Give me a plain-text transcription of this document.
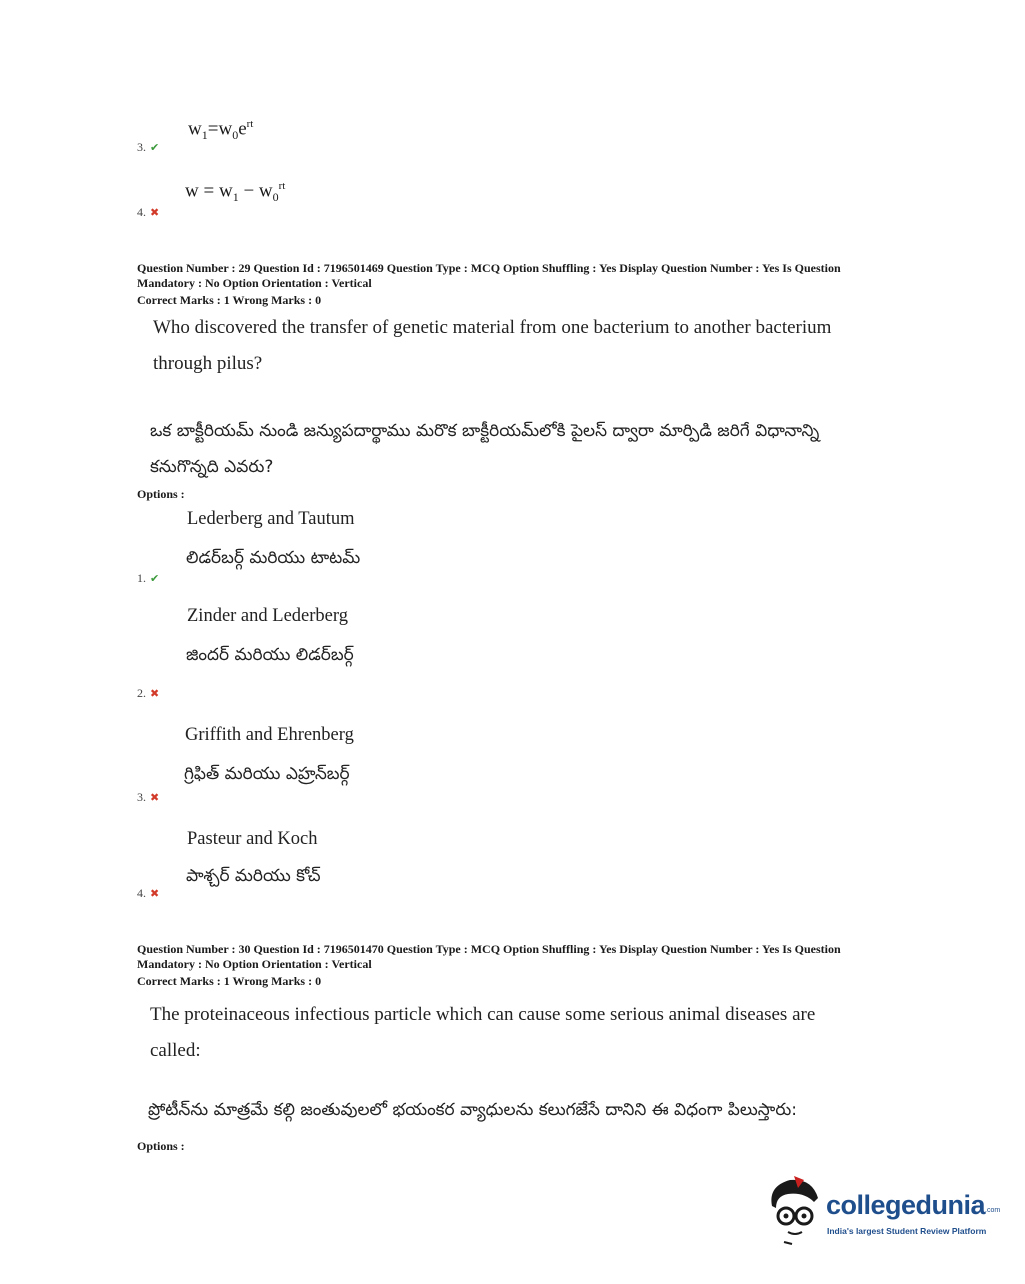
$w_1=w_0e^{rt}$
3. ✔
$w = w_1 - w_0^{rt}$
4. ✖
Question Number : 29 Question Id : 7196501469 Question Type : MCQ Option Shuffling : Yes Display Question Number : Yes Is Question
Mandatory : No Option Orientation : Vertical
Correct Marks : 1 Wrong Marks : 0
Who discovered the transfer of genetic material from one bacterium to another bacterium
through pilus?
ఒక బాక్టీరియమ్ నుండి జన్యుపదార్థాము మరొక బాక్టీరియమ్‌లోకి పైలస్ ద్వారా మార్పిడి జరిగే విధానాన్ని
కనుగొన్నది ఎవరు?
Options :
Lederberg and Tautum
లిడర్‌బర్గ్ మరియు టాటమ్
1. ✔
Zinder and Lederberg
జిందర్ మరియు లిడర్‌బర్గ్
2. ✖
Griffith and Ehrenberg
గ్రిఫిత్ మరియు ఎహ్రన్‌బర్గ్
3. ✖
Pasteur and Koch
పాశ్చర్ మరియు కోచ్
4. ✖
Question Number : 30 Question Id : 7196501470 Question Type : MCQ Option Shuffling : Yes Display Question Number : Yes Is Question
Mandatory : No Option Orientation : Vertical
Correct Marks : 1 Wrong Marks : 0
The proteinaceous infectious particle which can cause some serious animal diseases are
called:
ప్రోటీన్‌ను మాత్రమే కల్గి జంతువులలో భయంకర వ్యాధులను కలుగజేసే దానిని ఈ విధంగా పిలుస్తారు:
Options :
collegedunia.com
India's largest Student Review Platform
